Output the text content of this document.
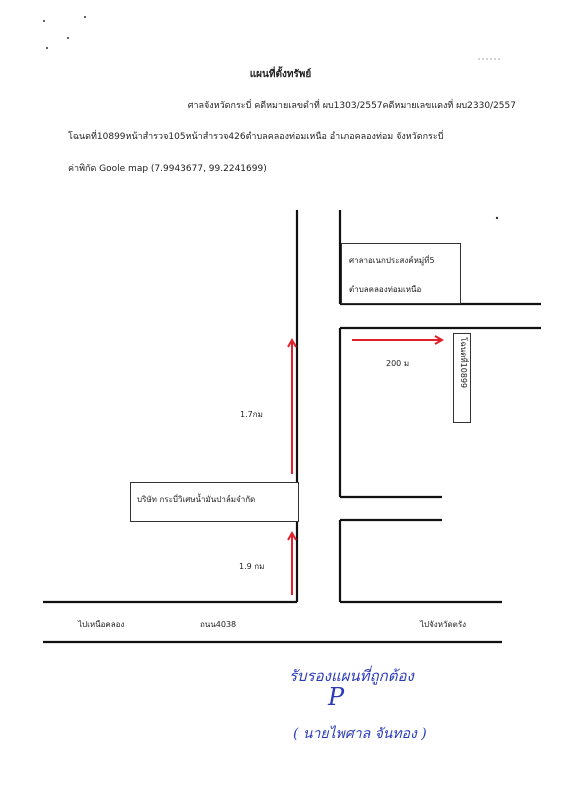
แผนที่ตั้งทรัพย์
ศาลจังหวัดกระบี่ คดีหมายเลขดำที่ ผบ1303/2557คดีหมายเลขแดงที่ ผบ2330/2557
โฉนดที่10899หน้าสำรวจ105หน้าสำรวจ426ตำบลคลองท่อมเหนือ อำเภอคลองท่อม จังหวัดกระบี่
ค่าพิกัด Goole map (7.9943677, 99.2241699)
ศาลาอเนกประสงค์หมู่ที่5
ตำบลคลองท่อมเหนือ
โฉนดที่10899
บริษัท กระบี่วิเศษน้ำมันปาล์มจำกัด
200 ม
1.7กม
1.9 กม
ไปเหนือคลอง	ถนน4038	ไปจังหวัดตรัง
รับรองแผนที่ถูกต้อง
P
( นายไพศาล จันทอง )
